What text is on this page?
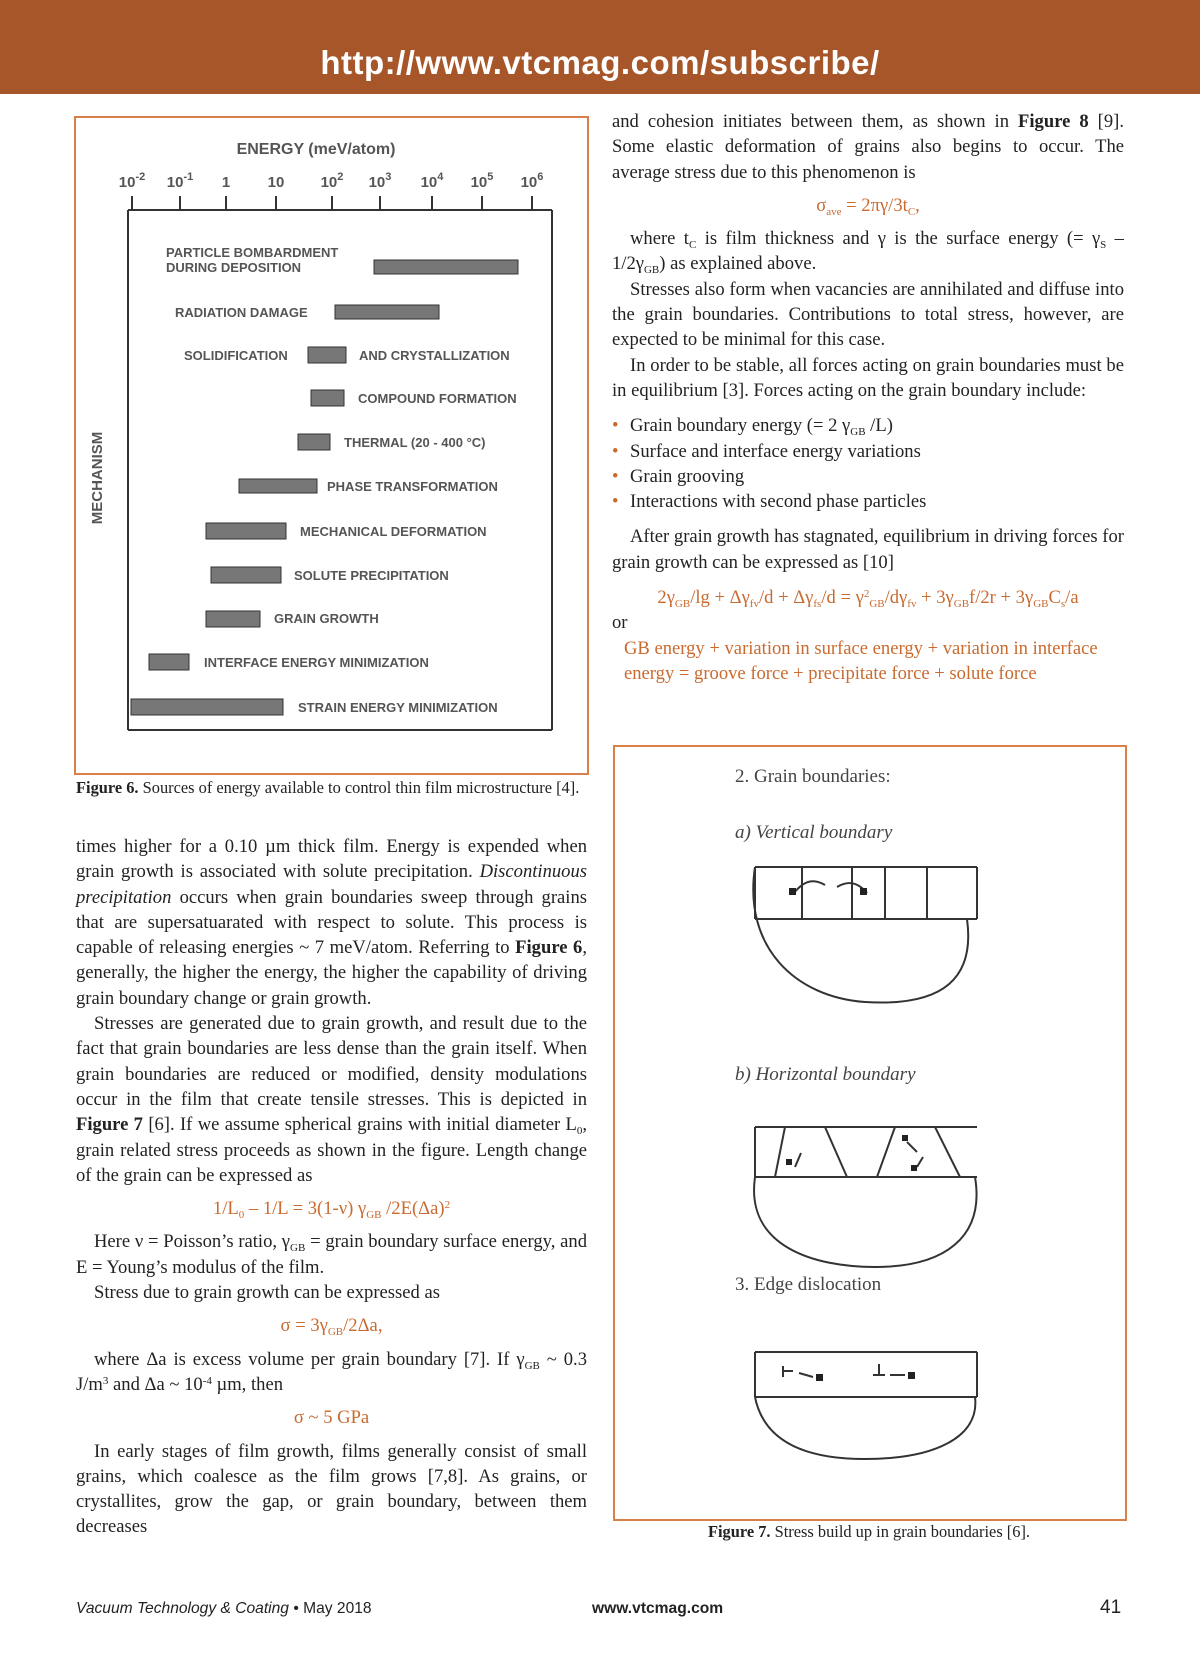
http://www.vtcmag.com/subscribe/
ENERGY (meV/atom)
$10^{-2}$ $10^{-1}$ 1 10 $10^2$ $10^3$ $10^4$ $10^5$ $10^6$
MECHANISM
PARTICLE BOMBARDMENT
DURING DEPOSITION
RADIATION DAMAGE
SOLIDIFICATION	AND CRYSTALLIZATION
COMPOUND FORMATION
THERMAL (20 - 400 °C)
PHASE TRANSFORMATION
MECHANICAL DEFORMATION
SOLUTE PRECIPITATION
GRAIN GROWTH
INTERFACE ENERGY MINIMIZATION
STRAIN ENERGY MINIMIZATION
Figure 6. Sources of energy available to control thin film microstructure [4].

times higher for a 0.10 µm thick film. Energy is expended when grain growth is associated with solute precipitation. Discontinuous precipitation occurs when grain boundaries sweep through grains that are supersatuarated with respect to solute. This process is capable of releasing energies ~ 7 meV/atom. Referring to Figure 6, generally, the higher the energy, the higher the capability of driving grain boundary change or grain growth.

Stresses are generated due to grain growth, and result due to the fact that grain boundaries are less dense than the grain itself. When grain boundaries are reduced or modified, density modulations occur in the film that create tensile stresses. This is depicted in Figure 7 [6]. If we assume spherical grains with initial diameter $L_0$, grain related stress proceeds as shown in the figure. Length change of the grain can be expressed as

$1/L_0 - 1/L = 3(1-\nu)$ $\gamma_{GB}$ $/2E(\Delta a)^2$

Here ν = Poisson’s ratio, $\gamma_{GB}$ = grain boundary surface energy, and E = Young’s modulus of the film.

Stress due to grain growth can be expressed as

$\sigma = 3\gamma_{GB}/2\Delta a$,

where Δa is excess volume per grain boundary [7]. If $\gamma_{GB}$ ~ 0.3 $J/m^3$ and Δa ~ $10^{-4}$ µm, then

σ ~ 5 GPa

In early stages of film growth, films generally consist of small grains, which coalesce as the film grows [7,8]. As grains, or crystallites, grow the gap, or grain boundary, between them decreases

and cohesion initiates between them, as shown in Figure 8 [9]. Some elastic deformation of grains also begins to occur. The average stress due to this phenomenon is

$\sigma_{ave} = 2\pi\gamma/3t_C$,

where $t_C$ is film thickness and γ is the surface energy (= $\gamma_S - 1/2\gamma_{GB}$) as explained above.

Stresses also form when vacancies are annihilated and diffuse into the grain boundaries. Contributions to total stress, however, are expected to be minimal for this case.

In order to be stable, all forces acting on grain boundaries must be in equilibrium [3]. Forces acting on the grain boundary include:

• Grain boundary energy (= 2 $\gamma_{GB}$ /L)
• Surface and interface energy variations
• Grain grooving
• Interactions with second phase particles

After grain growth has stagnated, equilibrium in driving forces for grain growth can be expressed as [10]

$2\gamma_{GB}/\lg + \Delta\gamma_{fv}/d + \Delta\gamma_{fs}/d = \gamma^2_{GB}/d\gamma_{fv} + 3\gamma_{GB}f/2r + 3\gamma_{GB}C_s/a$

or

GB energy + variation in surface energy + variation in interface energy = groove force + precipitate force + solute force

2. Grain boundaries:
a) Vertical boundary
b) Horizontal boundary
3. Edge dislocation
Figure 7. Stress build up in grain boundaries [6].
Vacuum Technology & Coating • May 2018	www.vtcmag.com	41
